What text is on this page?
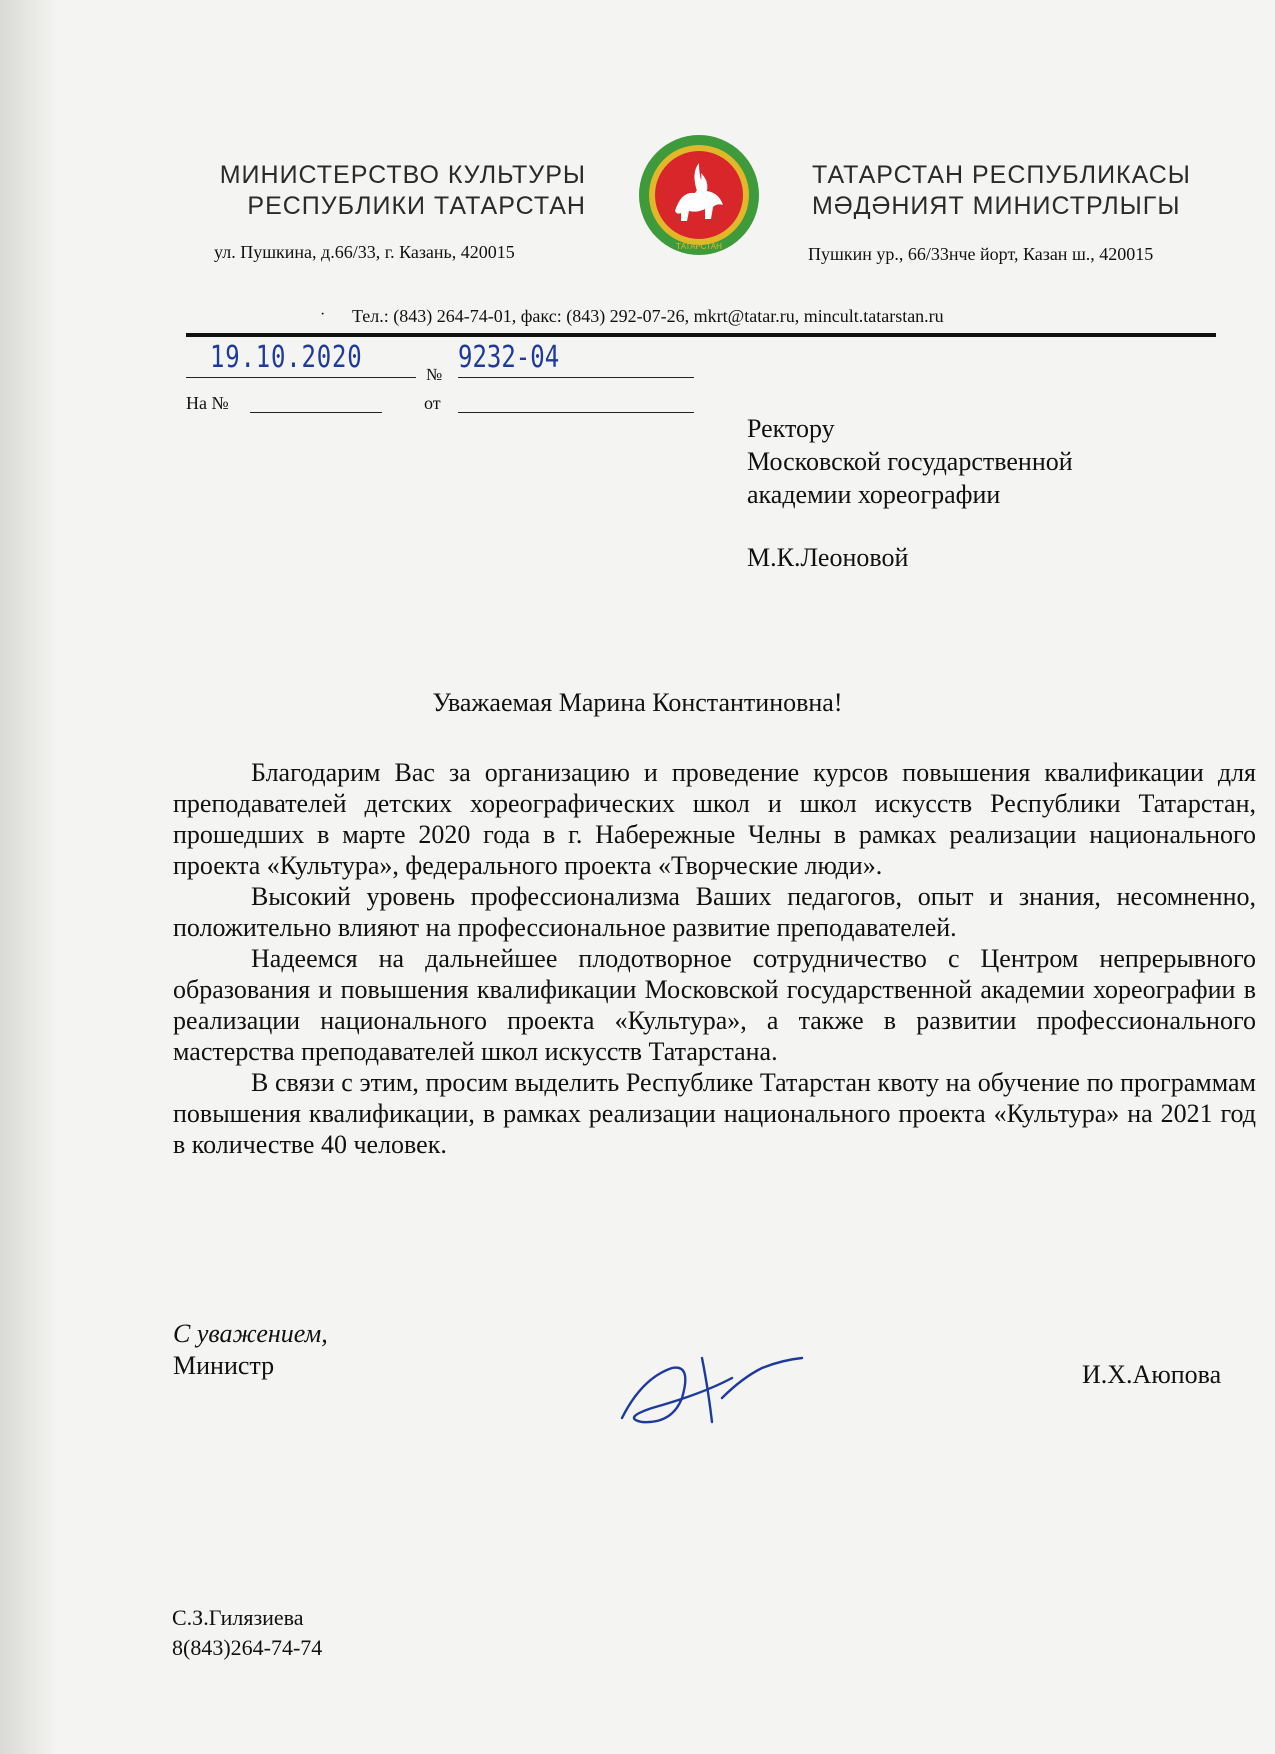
МИНИСТЕРСТВО КУЛЬТУРЫ
РЕСПУБЛИКИ ТАТАРСТАН
ТАТАРСТАН
ТАТАРСТАН РЕСПУБЛИКАСЫ
МӘДӘНИЯТ МИНИСТРЛЫГЫ
ул. Пушкина, д.66/33, г. Казань, 420015	Пушкин ур., 66/33нче йорт, Казан ш., 420015
· Тел.: (843) 264-74-01, факс: (843) 292-07-26, mkrt@tatar.ru, mincult.tatarstan.ru
19.10.2020	№ 9232-04
На №	от
Ректору
Московской государственной
академии хореографии
М.К.Леоновой
Уважаемая Марина Константиновна!

Благодарим Вас за организацию и проведение курсов повышения квалификации для преподавателей детских хореографических школ и школ искусств Республики Татарстан, прошедших в марте 2020 года в г. Набережные Челны в рамках реализации национального проекта «Культура», федерального проекта «Творческие люди».

Высокий уровень профессионализма Ваших педагогов, опыт и знания, несомненно, положительно влияют на профессиональное развитие преподавателей.

Надеемся на дальнейшее плодотворное сотрудничество с Центром непрерывного образования и повышения квалификации Московской государственной академии хореографии в реализации национального проекта «Культура», а также в развитии профессионального мастерства преподавателей школ искусств Татарстана.

В связи с этим, просим выделить Республике Татарстан квоту на обучение по программам повышения квалификации, в рамках реализации национального проекта «Культура» на 2021 год в количестве 40 человек.

С уважением,
Министр	И.Х.Аюпова
С.З.Гилязиева
8(843)264-74-74
